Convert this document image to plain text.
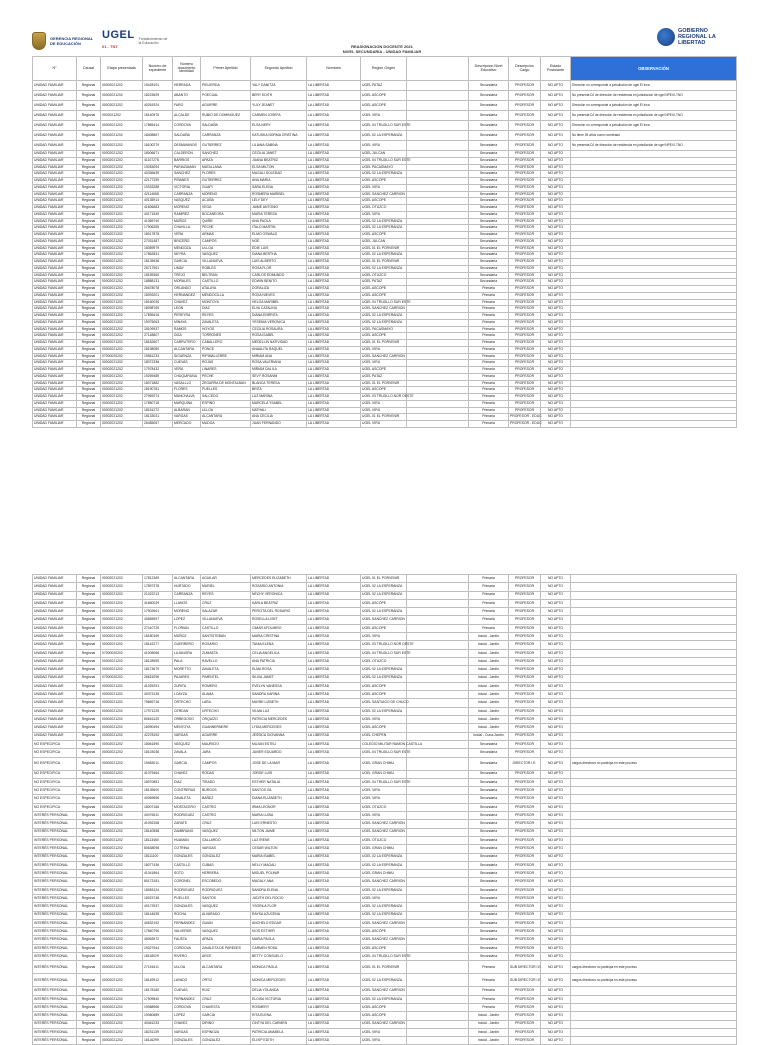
GERENCIA REGIONAL DE EDUCACIÓN
UGEL
01 - TNT
Fortalecimiento de la Educación
REASIGNACION DOCENTE 2021
NIVEL SECUNDARIA - UNIDAD FAMILIAR
GOBIERNO REGIONAL LA LIBERTAD
N°	Causal	Etapa presentada	Numero de expediente	Numero documento identidad	Primer Apellido	Segundo Apellido	Nombres	Region Origen		Descripcion Nivel Educativo	Descripcion Cargo	Estado Postulante	OBSERVACIÓN
UNIDAD FAMILIAR	Regional	00002021202	19428191	HERRADA	PIELIERDA	YALY DANITZA	LA LIBERTAD	UGEL PATAZ		Secundaria	PROFESOR	NO APTO	Dirección no corresponde a jurisdicción de ugel El Inca
UNIDAD FAMILIAR	Regional	00002021202	18223529	ABANTO	POECUAL	BERY EDITH	LA LIBERTAD	UGEL ASCOPE		Secundaria	PROFESOR	NO APTO	No presenta DJ de dirección de residencia en jurisdicción de ugel NPEIX-TNO
UNIDAD FAMILIAR	Regional	00002021202	40261924	FARO	AGUIRRE	YULY JEANET	LA LIBERTAD	UGEL ASCOPE		Secundaria	PROFESOR	NO APTO	Dirección no corresponde a jurisdicción de ugel El Inca
UNIDAD FAMILIAR	Regional	0002021202	18140575	ALCALDE	RUBIO DE DOMINGUEZ	CARMEN JOSEFA	LA LIBERTAD	UGEL VIRU		Secundaria	PROFESOR	NO APTO	No presenta DJ de dirección de residencia en jurisdicción de ugel NPEIX-TNO
UNIDAD FAMILIAR	Regional	00002021202	17865414	CORDOVA	SALDAÑA	ELSA NERY	LA LIBERTAD	UGEL 04 TRUJILLO SUR ESTE		Secundaria	PROFESOR	NO APTO	Dirección no corresponde a jurisdicción de ugel El Inca
UNIDAD FAMILIAR	Regional	00002021202	18408867	SALDAÑA	CARRANZA	KATUSKA NORMA CRISTINA	LA LIBERTAD	UGEL 02 LA ESPERANZA		Secundaria	PROFESOR	NO APTO	No tiene 05 años como nombrado
UNIDAD FAMILIAR	Regional	00002021202	18100279	DESMANINOS	GUTIERREZ	LILIANA SABINA	LA LIBERTAD	UGEL VIRU		Secundaria	PROFESOR	NO APTO	No presenta DJ de dirección de residencia en jurisdicción de ugel NPEIX-TNO
UNIDAD FAMILIAR	Regional	00002021202	18006671	CALDERON	SANCHEZ	CECILIA JANET	LA LIBERTAD	UGEL JULCAN		Secundaria	PROFESOR	NO APTO	
UNIDAD FAMILIAR	Regional	00002021202	41107278	BARRIOS	APAZA	JUANA BEATRIZ	LA LIBERTAD	UGEL 04 TRUJILLO SUR ESTE		Secundaria	PROFESOR	NO APTO	
UNIDAD FAMILIAR	Regional	00002021202	19283094	PARIAZAMAN	MATALLANA	ELSA MILTON	LA LIBERTAD	UGEL PACASMAYO		Secundaria	PROFESOR	NO APTO	
UNIDAD FAMILIAR	Regional	00002021202	40336639	SANCHEZ	FLORES	MAGALI SOLEDAD	LA LIBERTAD	UGEL 02 LA ESPERANZA		Secundaria	PROFESOR	NO APTO	
UNIDAD FAMILIAR	Regional	00002021202	42177259	PIÑANES	GUTIERREZ	ANA MARIA	LA LIBERTAD	UGEL ASCOPE		Secundaria	PROFESOR	NO APTO	
UNIDAD FAMILIAR	Regional	00002021202	19333288	VICTORIA	GUAPI	SARA ELENA	LA LIBERTAD	UGEL VIRU		Secundaria	PROFESOR	NO APTO	
UNIDAD FAMILIAR	Regional	00002021202	42114658	CARRANZA	MORENO	ROSMERA MARIBEL	LA LIBERTAD	UGEL SANCHEZ CARRION		Secundaria	PROFESOR	NO APTO	
UNIDAD FAMILIAR	Regional	00002021202	40135914	VASQUEZ	ACUÑA	LELY DEY	LA LIBERTAD	UGEL ASCOPE		Secundaria	PROFESOR	NO APTO	
UNIDAD FAMILIAR	Regional	00002021202	41606683	MORENO	VEGA	JAIME ANTONIO	LA LIBERTAD	UGEL OTUZCO		Secundaria	PROFESOR	NO APTO	
UNIDAD FAMILIAR	Regional	00002021202	40171549	RAMIREZ	BOCANEGRA	MARIA TERESA	LA LIBERTAD	UGEL VIRU		Secundaria	PROFESOR	NO APTO	
UNIDAD FAMILIAR	Regional	00002021202	41065740	MUÑOZ	QUIÑE	ANA PAOLA	LA LIBERTAD	UGEL 02 LA ESPERANZA		Secundaria	PROFESOR	NO APTO	
UNIDAD FAMILIAR	Regional	00002021202	17906265	CHAVILLA	PECHE	ITALO MARTIN	LA LIBERTAD	UGEL 02 LA ESPERANZA		Secundaria	PROFESOR	NO APTO	
UNIDAD FAMILIAR	Regional	00002021202	18017878	VERA	ARMAS	ELMO OSWALD	LA LIBERTAD	UGEL ASCOPE		Secundaria	PROFESOR	NO APTO	
UNIDAD FAMILIAR	Regional	00002021202	27031487	BRICEÑO	CAMPOS	NOE	LA LIBERTAD	UGEL JULCAN		Secundaria	PROFESOR	NO APTO	
UNIDAD FAMILIAR	Regional	00002021202	18089979	MENDOZA	ULLOA	EDIE LUIS	LA LIBERTAD	UGEL 01 EL PORVENIR		Secundaria	PROFESOR	NO APTO	
UNIDAD FAMILIAR	Regional	00002021202	17862831	NEYRA	VASQUEZ	DIANA BERTHA	LA LIBERTAD	UGEL 02 LA ESPERANZA		Secundaria	PROFESOR	NO APTO	
UNIDAD FAMILIAR	Regional	00002021202	18135638	GARCIA	VILLANUEVA	LUIS ALBERTO	LA LIBERTAD	UGEL 01 EL PORVENIR		Secundaria	PROFESOR	NO APTO	
UNIDAD FAMILIAR	Regional	00002021202	26717961	LIMAY	ROBLES	ROSA FLOR	LA LIBERTAD	UGEL 02 LA ESPERANZA		Secundaria	PROFESOR	NO APTO	
UNIDAD FAMILIAR	Regional	00002021202	18159360	TREJO	BELTRAN	CARLOS EDMUNDO	LA LIBERTAD	UGEL OTUZCO		Secundaria	PROFESOR	NO APTO	
UNIDAD FAMILIAR	Regional	00002021202	18888131	MORALES	CASTILLO	EDWIN BENITO	LA LIBERTAD	UGEL PATAZ		Secundaria	PROFESOR	NO APTO	
UNIDAD FAMILIAR	Regional	00002021202	26678078	ORLANDO	ATALAYA	DORALIZA	LA LIBERTAD	UGEL ASCOPE		Primaria	PROFESOR	NO APTO	
UNIDAD FAMILIAR	Regional	00002021202	18093201	HERNANDEZ	MENDOCILLA	ROSA NIEVES	LA LIBERTAD	UGEL ASCOPE		Primaria	PROFESOR	NO APTO	
UNIDAD FAMILIAR	Regional	00002021202	18160030	CHAVEZ	MONTOYA	HELGA MARIBEL	LA LIBERTAD	UGEL 04 TRUJILLO SUR ESTE		Primaria	PROFESOR	NO APTO	
UNIDAD FAMILIAR	Regional	00002021202	18098769	LEON	DIAZ	ELVA CATALINA	LA LIBERTAD	UGEL SANCHEZ CARRION		Primaria	PROFESOR	NO APTO	
UNIDAD FAMILIAR	Regional	00002021202	17895416	PEREYRA	REYES	DIANA ENRRITA	LA LIBERTAD	UGEL 02 LA ESPERANZA		Primaria	PROFESOR	NO APTO	
UNIDAD FAMILIAR	Regional	00002021202	19075063	MINAYA	ZAVALETA	YESENIA VERONICA	LA LIBERTAD	UGEL 02 LA ESPERANZA		Primaria	PROFESOR	NO APTO	
UNIDAD FAMILIAR	Regional	00002021202	18109937	RAMOS	HOYOS	CECILIA ROSAURA	LA LIBERTAD	UGEL PACASMAYO		Primaria	PROFESOR	NO APTO	
UNIDAD FAMILIAR	Regional	00002021202	27148807	DIZA	TORRONES	ROSA ISABEL	LA LIBERTAD	UGEL ASCOPE		Primaria	PROFESOR	NO APTO	
UNIDAD FAMILIAR	Regional	00002021202	18182607	CARRUTERO	CABALLERO	MEDELLIN NATIVIDAD	LA LIBERTAD	UGEL 01 EL PORVENIR		Primaria	PROFESOR	NO APTO	
UNIDAD FAMILIAR	Regional	00002021202	18198080	ALCANTARA	PONCE	ANAALITA RAQUEL	LA LIBERTAD	UGEL VIRU		Primaria	PROFESOR	NO APTO	
UNIDAD FAMILIAR	Regional	07000020202	19561233	SIGUENZA	RIPIMALLERRE	MIRIAM ANA	LA LIBERTAD	UGEL SANCHEZ CARRION		Primaria	PROFESOR	NO APTO	
UNIDAD FAMILIAR	Regional	00002021202	18072336	CUEVAS	ROJAS	ROSA VALERIANA	LA LIBERTAD	UGEL VIRU		Primaria	PROFESOR	NO APTO	
UNIDAD FAMILIAR	Regional	00002021202	17978432	VERA	LINARES	MIRIAM DALILA	LA LIBERTAD	UGEL ASCOPE		Primaria	PROFESOR	NO APTO	
UNIDAD FAMILIAR	Regional	00002021202	19269489	CHUQUIRUNA	PECHE	SEVY ROSANNI	LA LIBERTAD	UGEL PATAZ		Primaria	PROFESOR	NO APTO	
UNIDAD FAMILIAR	Regional	00002021202	18071882	VASALLLO	ZEGARRA DE MONTALBAN	BLANCA TERESA	LA LIBERTAD	UGEL 01 EL PORVENIR		Primaria	PROFESOR	NO APTO	
UNIDAD FAMILIAR	Regional	00002021202	18190781	FLORES	PUELLES	BRITA	LA LIBERTAD	UGEL ASCOPE		Primaria	PROFESOR	NO APTO	
UNIDAD FAMILIAR	Regional	00002021202	27969274	MANCHALVA	SALCEDO	LUZ MARINA	LA LIBERTAD	UGEL 03 TRUJILLO NOR OESTE		Primaria	PROFESOR	NO APTO	
UNIDAD FAMILIAR	Regional	00002021202	17850718	MARQUINA	ESPINO	MARCELA YSABEL	LA LIBERTAD	UGEL VIRU		Primaria	PROFESOR	NO APTO	
UNIDAD FAMILIAR	Regional	00002021202	18151272	ALBARAN	ULLOA	NATHALI	LA LIBERTAD	UGEL VIRU		Primaria	PROFESOR	NO APTO	
UNIDAD FAMILIAR	Regional	00002021202	18133031	VARGAS	ALCANTARA	ANA CECILIA	LA LIBERTAD	UGEL 01 EL PORVENIR		Primaria	PROFESOR - EDUC	NO APTO	
UNIDAD FAMILIAR	Regional	00002021202	26485067	MERCADO	MUDGA	JUAN FERNANDO	LA LIBERTAD	UGEL VIRU		Primaria	PROFESOR - EDUC	NO APTO	
UNIDAD FAMILIAR	Regional	00002021202	17812369	ALCANTARA	AGUILAR	MERCEDES ELIZABETH	LA LIBERTAD	UGEL 01 EL PORVENIR		Primaria	PROFESOR	NO APTO	
UNIDAD FAMILIAR	Regional	00002021202	17897378	HURTADO	MURIEL	ROSARIO ANTONIA	LA LIBERTAD	UGEL 02 LA ESPERANZA		Primaria	PROFESOR	NO APTO	
UNIDAD FAMILIAR	Regional	00002021202	21022213	CARRANZA	REYES	NECHY VERONICA	LA LIBERTAD	UGEL 02 LA ESPERANZA		Primaria	PROFESOR	NO APTO	
UNIDAD FAMILIAR	Regional	00002021202	41660029	LLANOS	CRUZ	KARLA BEATRIZ	LA LIBERTAD	UGEL ASCOPE		Primaria	PROFESOR	NO APTO	
UNIDAD FAMILIAR	Regional	00002021202	17902661	MORENO	SALAZAR	PERCITA DEL ROSARIO	LA LIBERTAD	UGEL 02 LA ESPERANZA		Primaria	PROFESOR	NO APTO	
UNIDAD FAMILIAR	Regional	00002021202	40665597	LOPEZ	VILLANUEVA	ROSELLA LISET	LA LIBERTAD	UGEL SANCHEZ CARRION		Primaria	PROFESOR	NO APTO	
UNIDAD FAMILIAR	Regional	00002021202	27410725	FLORIAN	CASTILLO	CIMAR AFOLMIRO	LA LIBERTAD	UGEL ASCOPE		Primaria	PROFESOR	NO APTO	
UNIDAD FAMILIAR	Regional	00002021202	18180169	MUÑOZ	SANTISTEBAN	MARIA CRISTINA	LA LIBERTAD	UGEL VIRU		Inicial - Jardín	PROFESOR	NO APTO	
UNIDAD FAMILIAR	Regional	00002021202	18142277	GUERRERO	ROSARIO	TANIA ELENA	LA LIBERTAD	UGEL 03 TRUJILLO NOR OESTE		Inicial - Jardín	PROFESOR	NO APTO	
UNIDAD FAMILIAR	Regional	07000020202	41005066	LUJANGRA	ZUMAETA	CELIA ANGELICA	LA LIBERTAD	UGEL 04 TRUJILLO SUR ESTE		Inicial - Jardín	PROFESOR	NO APTO	
UNIDAD FAMILIAR	Regional	00002021202	18128959	PALA	RAVELLO	ANA PATRICIA	LA LIBERTAD	UGEL OTUZCO		Inicial - Jardín	PROFESOR	NO APTO	
UNIDAD FAMILIAR	Regional	00002021202	18173679	MORETTO	ZAVALETA	ELMA ROSA	LA LIBERTAD	UGEL 02 LA ESPERANZA		Inicial - Jardín	PROFESOR	NO APTO	
UNIDAD FAMILIAR	Regional	07000020202	26615296	PAJARES	PIMENTEL	SILVIA JANET	LA LIBERTAD	UGEL 02 LA ESPERANZA		Inicial - Jardín	PROFESOR	NO APTO	
UNIDAD FAMILIAR	Regional	00002021202	41025291	ZURITA	ROMERO	EVELYN VANESSA	LA LIBERTAD	UGEL ASCOPE		Inicial - Jardín	PROFESOR	NO APTO	
UNIDAD FAMILIAR	Regional	00002021202	40373135	LOAYZA	ALAMA	SANDRA KARINA	LA LIBERTAD	UGEL ASCOPE		Inicial - Jardín	PROFESOR	NO APTO	
UNIDAD FAMILIAR	Regional	00002021202	75669716	ORTECHO	LARA	MAYBE LIZBETH	LA LIBERTAD	UGEL SANTIAGO DE CHUCO		Inicial - Jardín	PROFESOR	NO APTO	
UNIDAD FAMILIAR	Regional	00002021202	17971229	CERDAN	URTECHO	VILMA LUZ	LA LIBERTAD	UGEL 02 LA ESPERANZA		Inicial - Jardín	PROFESOR	NO APTO	
UNIDAD FAMILIAR	Regional	00002021202	80616120	ORBEGOSO	ORQUIZO	PATRICIA MERCEDES	LA LIBERTAD	UGEL VIRU		Inicial - Jardín	PROFESOR	NO APTO	
UNIDAD FAMILIAR	Regional	00002021202	18090494	MENTOYA	GUANNERNERE	LYDIA MERCEDES	LA LIBERTAD	UGEL ASCOPE		Inicial - Jardín	PROFESOR	NO APTO	
UNIDAD FAMILIAR	Regional	00002021202	42278192	VARGAS	AGUIRRE	JESSICA GIOVANNA	LA LIBERTAD	UGEL CHEPEN		Inicial - Cuna-Jardín	PROFESOR	NO APTO	
NO ESPECIFICA	Regional	00002021202	18061590	VASQUEZ	MAURICIO	MUJAN ESTELI	LA LIBERTAD	COLEGIO MILITAR RAMON CASTILLA		Secundaria	PROFESOR	NO APTO	
NO ESPECIFICA	Regional	00002021202	18103036	ZAVALA	JARA	JAVIER EDUARDO	LA LIBERTAD	UGEL 04 TRUJILLO SUR ESTE		Secundaria	PROFESOR	NO APTO	
NO ESPECIFICA	Regional	00002021202	19483011	GARCIA	CAMPOS	JOSE DE LA MAR	LA LIBERTAD	UGEL GRAN CHIMU		Secundaria	DIRECTOR I.E.	NO APTO	cargos directivos no participa en este proceso
NO ESPECIFICA	Regional	00002021202	41079464	CHAVEZ	RODAS	JORGE LUIS	LA LIBERTAD	UGEL GRAN CHIMU		Secundaria	PROFESOR	NO APTO	
NO ESPECIFICA	Regional	00002021202	18070851	DIAZ	TIRADO	ESTHER NATALIA	LA LIBERTAD	UGEL 04 TRUJILLO SUR ESTE		Secundaria	PROFESOR	NO APTO	
NO ESPECIFICA	Regional	00002021202	18139600	CONTRERAS	BURGOS	SANTOS GIL	LA LIBERTAD	UGEL VIRU		Secundaria	PROFESOR	NO APTO	
NO ESPECIFICA	Regional	00002021202	40069656	ZAVALETA	BAÑEZ	DIANA ELIZABETH	LA LIBERTAD	UGEL VIRU		Secundaria	PROFESOR	NO APTO	
NO ESPECIFICA	Regional	00002021202	18007166	MOSTACERO	CASTRO	IRMA LEONOR	LA LIBERTAD	UGEL OTUZCO		Secundaria	PROFESOR	NO APTO	
INTERÉS PERSONAL	Regional	00002021202	40076511	RODRIGUEZ	CASTRO	MARIA LUISA	LA LIBERTAD	UGEL VIRU		Secundaria	PROFESOR	NO APTO	
INTERÉS PERSONAL	Regional	00002021202	41092268	ZARATE	CRUZ	LUIS ERNESTO	LA LIBERTAD	UGEL SANCHEZ CARRION		Secundaria	PROFESOR	NO APTO	
INTERÉS PERSONAL	Regional	00002021202	18140558	ZAMBRANO	VASQUEZ	NILTON JAIME	LA LIBERTAD	UGEL SANCHEZ CARRION		Secundaria	PROFESOR	NO APTO	
INTERÉS PERSONAL	Regional	00002021202	18113460	HUAMAN	GALLARDO	LUZ IRENE	LA LIBERTAD	UGEL OTUZCO		Secundaria	PROFESOR	NO APTO	
INTERÉS PERSONAL	Regional	00002021202	80638098	COTRINA	VARGAS	CESAR WILTON	LA LIBERTAD	UGEL GRAN CHIMU		Secundaria	PROFESOR	NO APTO	
INTERÉS PERSONAL	Regional	00002021202	18111100	GONZALES	GONZALEZ	MARIA ISABEL	LA LIBERTAD	UGEL 02 LA ESPERANZA		Secundaria	PROFESOR	NO APTO	
INTERÉS PERSONAL	Regional	00002021202	18077436	CASTILLO	CUBAS	NELLY MAGALI	LA LIBERTAD	UGEL 02 LA ESPERANZA		Secundaria	PROFESOR	NO APTO	
INTERÉS PERSONAL	Regional	00002021202	41041864	SOTO	HERRERA	MIGUEL POLINIR	LA LIBERTAD	UGEL GRAN CHIMU		Secundaria	PROFESOR	NO APTO	
INTERÉS PERSONAL	Regional	00002021202	80173181	CORONEL	ESCOBEDO	MAGALY ANA	LA LIBERTAD	UGEL SANCHEZ CARRION		Secundaria	PROFESOR	NO APTO	
INTERÉS PERSONAL	Regional	00002021202	18083124	RODRIGUEZ	RODRIGUEZ	SANDRA ELENA	LA LIBERTAD	UGEL 02 LA ESPERANZA		Secundaria	PROFESOR	NO APTO	
INTERÉS PERSONAL	Regional	00002021202	18023748	PUELLES	SANTOS	JUDITH DEL ROCIO	LA LIBERTAD	UGEL VIRU		Secundaria	PROFESOR	NO APTO	
INTERÉS PERSONAL	Regional	00002021202	40172937	GONZALES	VASQUEZ	YSORILA FLOR	LA LIBERTAD	UGEL 02 LA ESPERANZA		Secundaria	PROFESOR	NO APTO	
INTERÉS PERSONAL	Regional	00002021202	18144639	ROCHA	ALVARADO	RAYSA AZUCENA	LA LIBERTAD	UGEL 02 LA ESPERANZA		Secundaria	PROFESOR	NO APTO	
INTERÉS PERSONAL	Regional	00002021202	40632192	FERNANDEZ	GUIAN	ANCHELO EDGAR	LA LIBERTAD	UGEL SANCHEZ CARRION		Secundaria	PROFESOR	NO APTO	
INTERÉS PERSONAL	Regional	00002021202	17840790	VALVERDE	VASQUEZ	KIOS ESTHER	LA LIBERTAD	UGEL ASCOPE		Secundaria	PROFESOR	NO APTO	
INTERÉS PERSONAL	Regional	00002021202	45063972	FAUSTA	APAZA	MARIA PAOLA	LA LIBERTAD	UGEL SANCHEZ CARRION		Secundaria	PROFESOR	NO APTO	
INTERÉS PERSONAL	Regional	00002021202	19027944	CORDOVA	ZAVALETA DE PAREDES	CARMEN ROSA	LA LIBERTAD	UGEL ASCOPE		Secundaria	PROFESOR	NO APTO	
INTERÉS PERSONAL	Regional	00002021202	18118029	RIVERO	ARCE	BETTY CONSUELO	LA LIBERTAD	UGEL 04 TRUJILLO SUR ESTE		Secundaria	PROFESOR	NO APTO	
INTERÉS PERSONAL	Regional	00002021202	27151611	ULLOA	ALCANTARA	MONICA PAOLA	LA LIBERTAD	UGEL 01 EL PORVENIR		Primaria	SUB DIRECTOR I.E.	NO APTO	cargos directivos no participa en este proceso
INTERÉS PERSONAL	Regional	00002021202	18149912	LAVADO	ORTIZ	MONICA MERCEDES	LA LIBERTAD	UGEL 02 LA ESPERANZA		Primaria	SUB DIRECTOR I.E.	NO APTO	cargos directivos no participa en este proceso
INTERÉS PERSONAL	Regional	00002021202	18178180	CUEVAS	RUIZ	DELIA YOLANDA	LA LIBERTAD	UGEL SANCHEZ CARRION		Primaria	PROFESOR	NO APTO	
INTERÉS PERSONAL	Regional	00002021202	17909840	FERNANDEZ	CRUZ	ELOISA VICTORIA	LA LIBERTAD	UGEL 02 LA ESPERANZA		Primaria	PROFESOR	NO APTO	
INTERÉS PERSONAL	Regional	00002021202	19088966	CORDOVA	CHAVESTA	ROSMERY	LA LIBERTAD	UGEL ASCOPE		Primaria	PROFESOR	NO APTO	
INTERÉS PERSONAL	Regional	00002021202	19060689	LOPEZ	GARCIA	RITA ELENA	LA LIBERTAD	UGEL ASCOPE		Inicial - Jardín	PROFESOR	NO APTO	
INTERÉS PERSONAL	Regional	00002021202	40461233	CHAVEZ	DIRINO	CINTYA DEL CARMEN	LA LIBERTAD	UGEL SANCHEZ CARRION		Inicial - Jardín	PROFESOR	NO APTO	
INTERÉS PERSONAL	Regional	00002021202	18231139	VARGAS	ESPINOZA	PATRICIA ANABELA	LA LIBERTAD	UGEL VIRU		Inicial - Jardín	PROFESOR	NO APTO	
INTERÉS PERSONAL	Regional	00002021202	18116299	GONZALES	GONZALEZ	ELIXIP EDITH	LA LIBERTAD	UGEL VIRU		Inicial - Jardín	PROFESOR	NO APTO	
